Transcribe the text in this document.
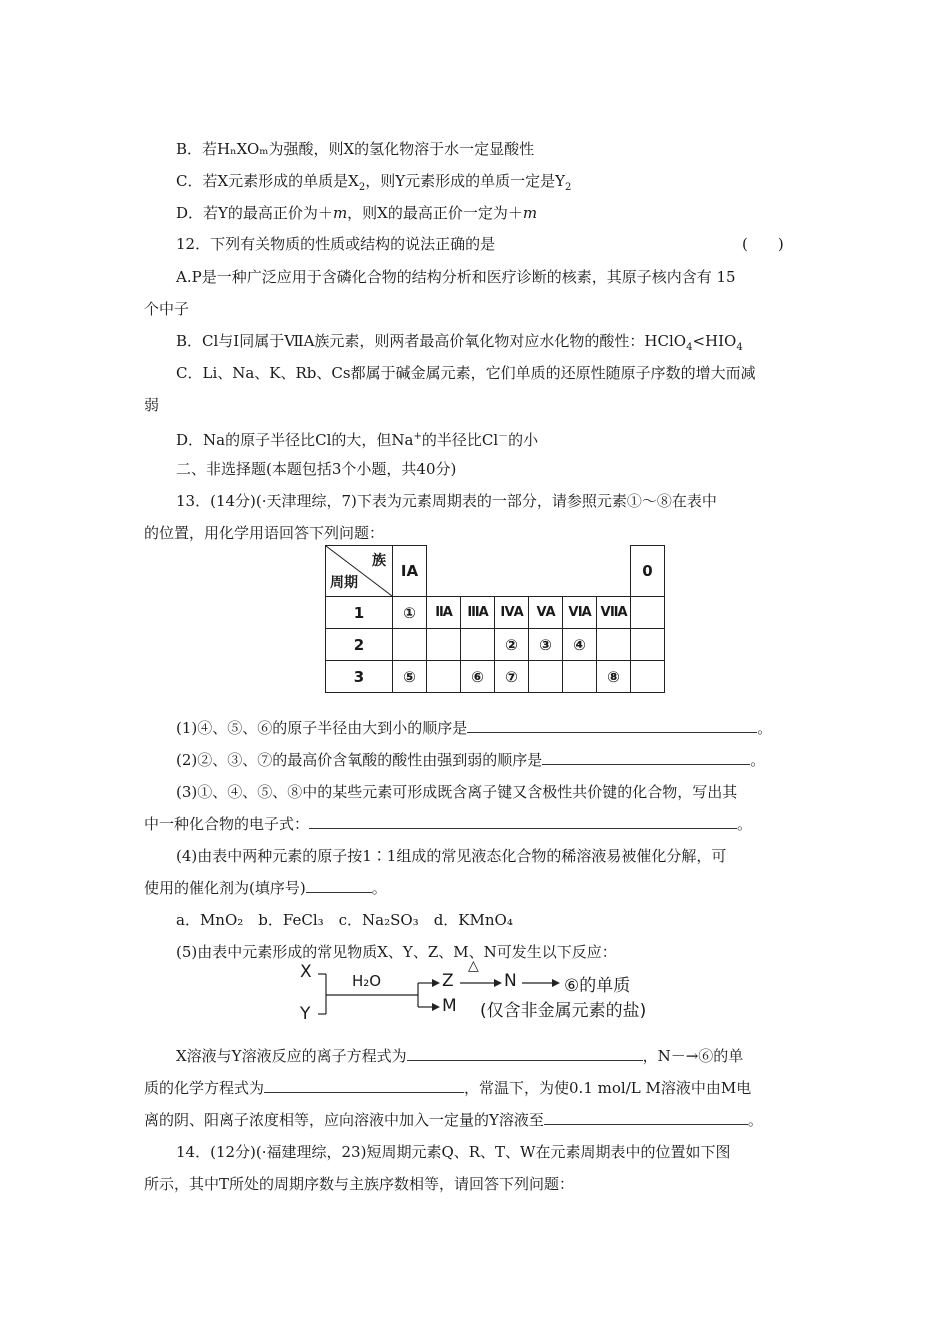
B．若HₙXOₘ为强酸，则X的氢化物溶于水一定显酸性
C．若X元素形成的单质是$X_2$，则Y元素形成的单质一定是$Y_2$
D．若Y的最高正价为＋m，则X的最高正价一定为＋m
12．下列有关物质的性质或结构的说法正确的是	(　　)
A.P是一种广泛应用于含磷化合物的结构分析和医疗诊断的核素，其原子核内含有 15
个中子
B．Cl与I同属于ⅦA族元素，则两者最高价氧化物对应水化物的酸性：$HClO_4<HIO_4$
C．Li、Na、K、Rb、Cs都属于碱金属元素，它们单质的还原性随原子序数的增大而减
弱
D．Na的原子半径比Cl的大，但Na+的半径比Cl－的小
二、非选择题(本题包括3个小题，共40分)
13．(14分)(·天津理综，7)下表为元素周期表的一部分，请参照元素①～⑧在表中
的位置，用化学用语回答下列问题：
族
周期	ⅠA							0
1	①	ⅡA	ⅢA	ⅣA	ⅤA	ⅥA	ⅦA	
2				②	③	④		
3	⑤		⑥	⑦			⑧	
(1)④、⑤、⑥的原子半径由大到小的顺序是	。
(2)②、③、⑦的最高价含氧酸的酸性由强到弱的顺序是	。
(3)①、④、⑤、⑧中的某些元素可形成既含离子键又含极性共价键的化合物，写出其
中一种化合物的电子式：	。
(4)由表中两种元素的原子按1∶1组成的常见液态化合物的稀溶液易被催化分解，可
使用的催化剂为(填序号)	。
a．MnO₂　b．FeCl₃　c．Na₂SO₃　d．KMnO₄
(5)由表中元素形成的常见物质X、Y、Z、M、N可发生以下反应：
X
Y
H₂O
△
Z	N	⑥的单质
M (仅含非金属元素的盐)
X溶液与Y溶液反应的离子方程式为	，N－→⑥的单
质的化学方程式为	，常温下，为使0.1 mol/L M溶液中由M电
离的阴、阳离子浓度相等，应向溶液中加入一定量的Y溶液至	。
14．(12分)(·福建理综，23)短周期元素Q、R、T、W在元素周期表中的位置如下图
所示，其中T所处的周期序数与主族序数相等，请回答下列问题：
